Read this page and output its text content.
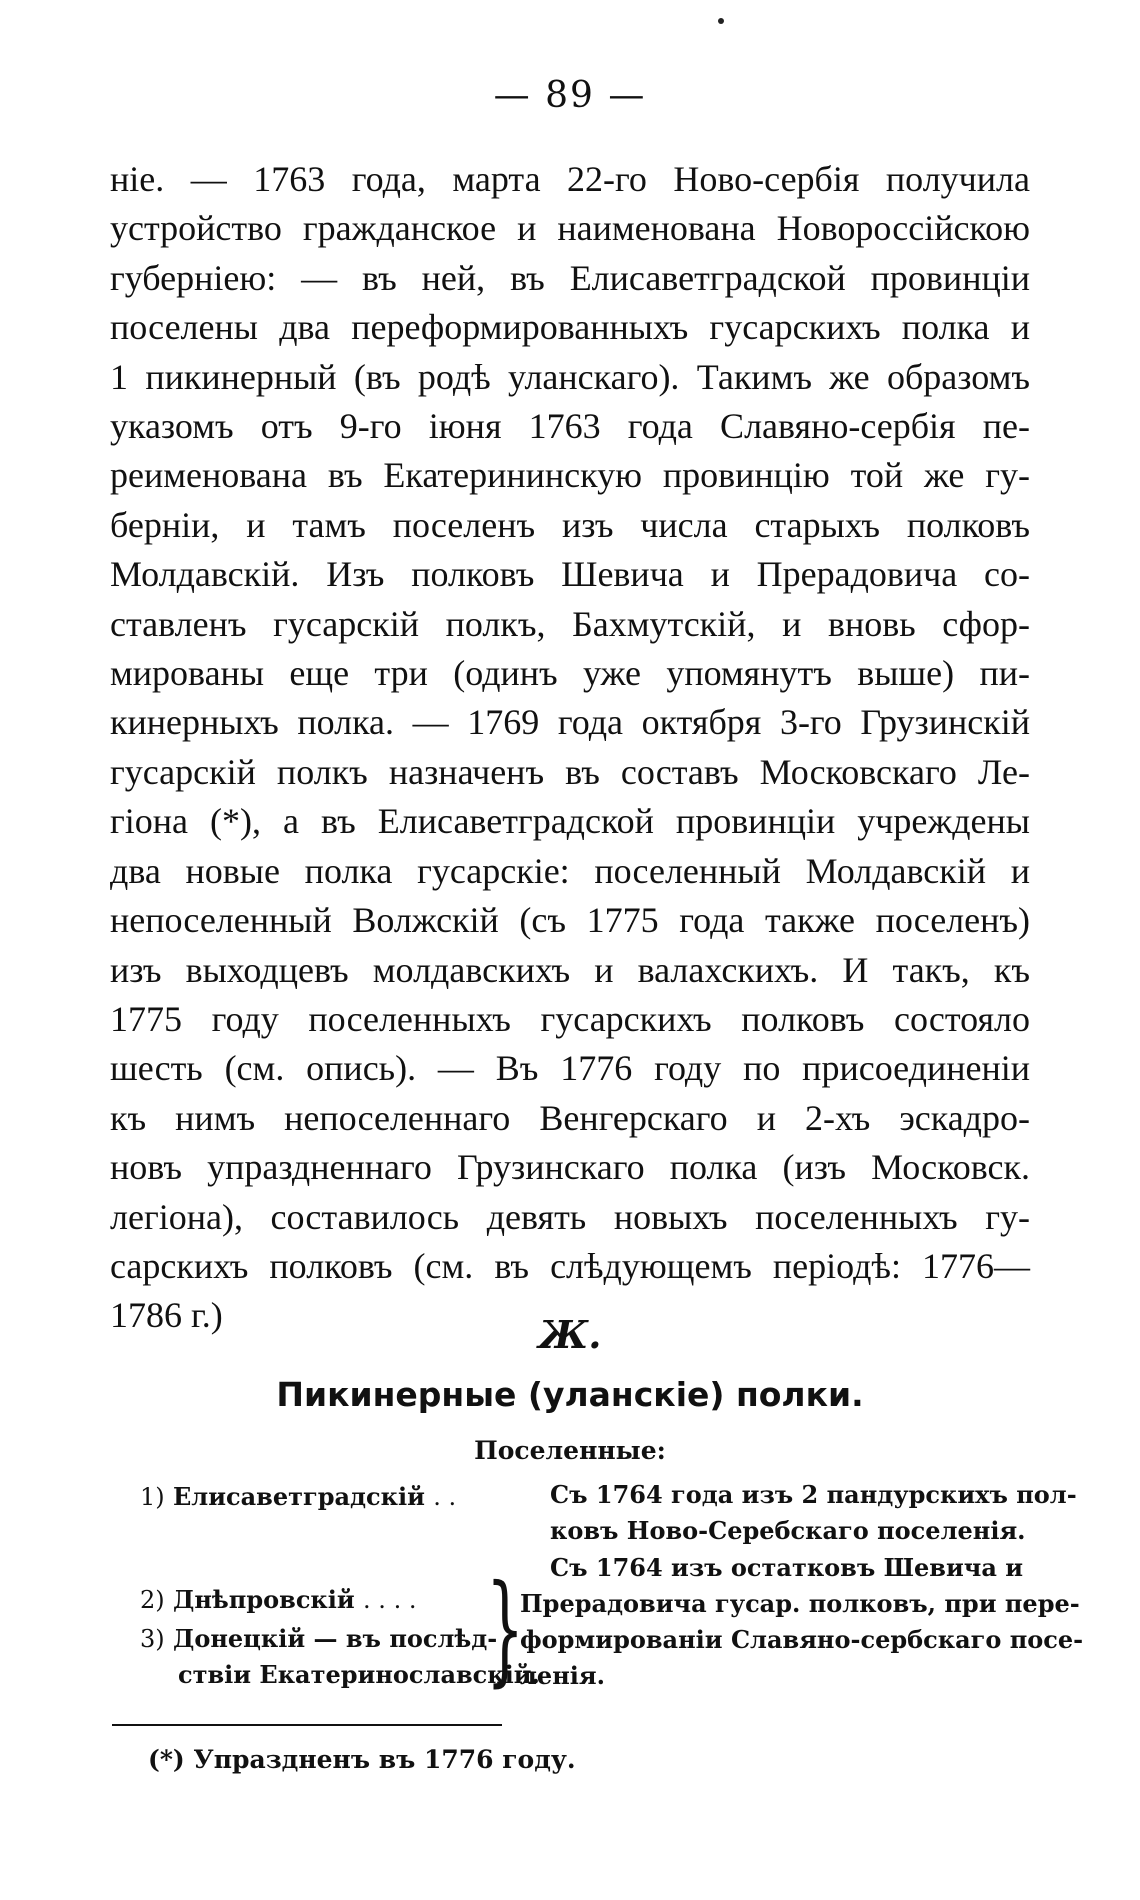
— 89 —
нiе. — 1763 года, марта 22-го Ново-сербiя получила
устройство гражданское и наименована Новороссiйскою
губернiею: — въ ней, въ Елисаветградской провинцiи
поселены два переформированныхъ гусарскихъ полка и
1 пикинерный (въ родѣ уланскаго). Такимъ же образомъ
указомъ отъ 9-го iюня 1763 года Славяно-сербiя пе-
реименована въ Екатерининскую провинцiю той же гу-
бернiи, и тамъ поселенъ изъ числа старыхъ полковъ
Молдавскiй. Изъ полковъ Шевича и Прерадовича со-
ставленъ гусарскiй полкъ, Бахмутскiй, и вновь сфор-
мированы еще три (одинъ уже упомянутъ выше) пи-
кинерныхъ полка. — 1769 года октября 3-го Грузинскiй
гусарскiй полкъ назначенъ въ составъ Московскаго Ле-
гiона (*), а въ Елисаветградской провинцiи учреждены
два новые полка гусарскiе: поселенный Молдавскiй и
непоселенный Волжскiй (съ 1775 года также поселенъ)
изъ выходцевъ молдавскихъ и валахскихъ. И такъ, къ
1775 году поселенныхъ гусарскихъ полковъ состояло
шесть (см. опись). — Въ 1776 году по присоединенiи
къ нимъ непоселеннаго Венгерскаго и 2-хъ эскадро-
новъ упраздненнаго Грузинскаго полка (изъ Московск.
легiона), составилось девять новыхъ поселенныхъ гу-
сарскихъ полковъ (см. въ слѣдующемъ перiодѣ: 1776—
1786 г.)	Ж.
Пикинерные (уланскiе) полки.
Поселенные:
1) Елисаветградскiй . .
2) Днѣпровскiй . . . .
3) Донецкiй — въ послѣд-
ствiи Екатеринославскiй.
}
Съ 1764 года изъ 2 пандурскихъ пол-
ковъ Ново-Серебскаго поселенiя.
Съ 1764 изъ остатковъ Шевича и
Прерадовича гусар. полковъ, при пере-
формированiи Славяно-сербскаго посе-
ленiя.
(*) Упраздненъ въ 1776 году.
